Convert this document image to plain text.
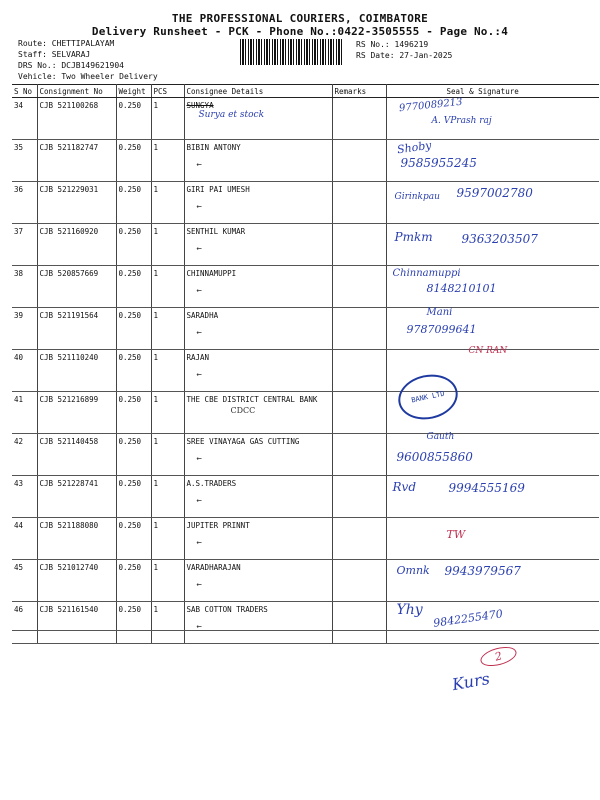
THE PROFESSIONAL COURIERS, COIMBATORE
Delivery Runsheet - PCK - Phone No.:0422-3505555 - Page No.:4
Route: CHETTIPALAYAM
Staff: SELVARAJ
DRS No.: DCJB149621904
Vehicle: Two Wheeler Delivery
RS No.: 1496219
RS Date: 27-Jan-2025
S No	Consignment No	Weight	PCS	Consignee Details	Remarks	Seal & Signature
34	CJB 521100268	0.250	1	SUNGYA
Surya et stock		9770089213
A. VPrash raj

35	CJB 521182747	0.250	1	BIBIN ANTONY
←		Shoby
9585955245

36	CJB 521229031	0.250	1	GIRI PAI UMESH
←		Girinkpau 9597002780

37	CJB 521160920	0.250	1	SENTHIL KUMAR
←		Pmkm 9363203507

38	CJB 520857669	0.250	1	CHINNAMUPPI
←		Chinnamuppi
8148210101

39	CJB 521191564	0.250	1	SARADHA
←		Mani
9787099641

40	CJB 521110240	0.250	1	RAJAN
←		CN RAN

41	CJB 521216899	0.250	1	THE CBE DISTRICT CENTRAL BANK
CDCC		

42	CJB 521140458	0.250	1	SREE VINAYAGA GAS CUTTING
←		Gauth
9600855860

43	CJB 521228741	0.250	1	A.S.TRADERS
←		Rvd 9994555169

44	CJB 521188080	0.250	1	JUPITER PRINNT
←		TW

45	CJB 521012740	0.250	1	VARADHARAJAN
←		Omnk 9943979567

46	CJB 521161540	0.250	1	SAB COTTON TRADERS
←		Yhy 9842255470
2
Kurs
BANK LTD
